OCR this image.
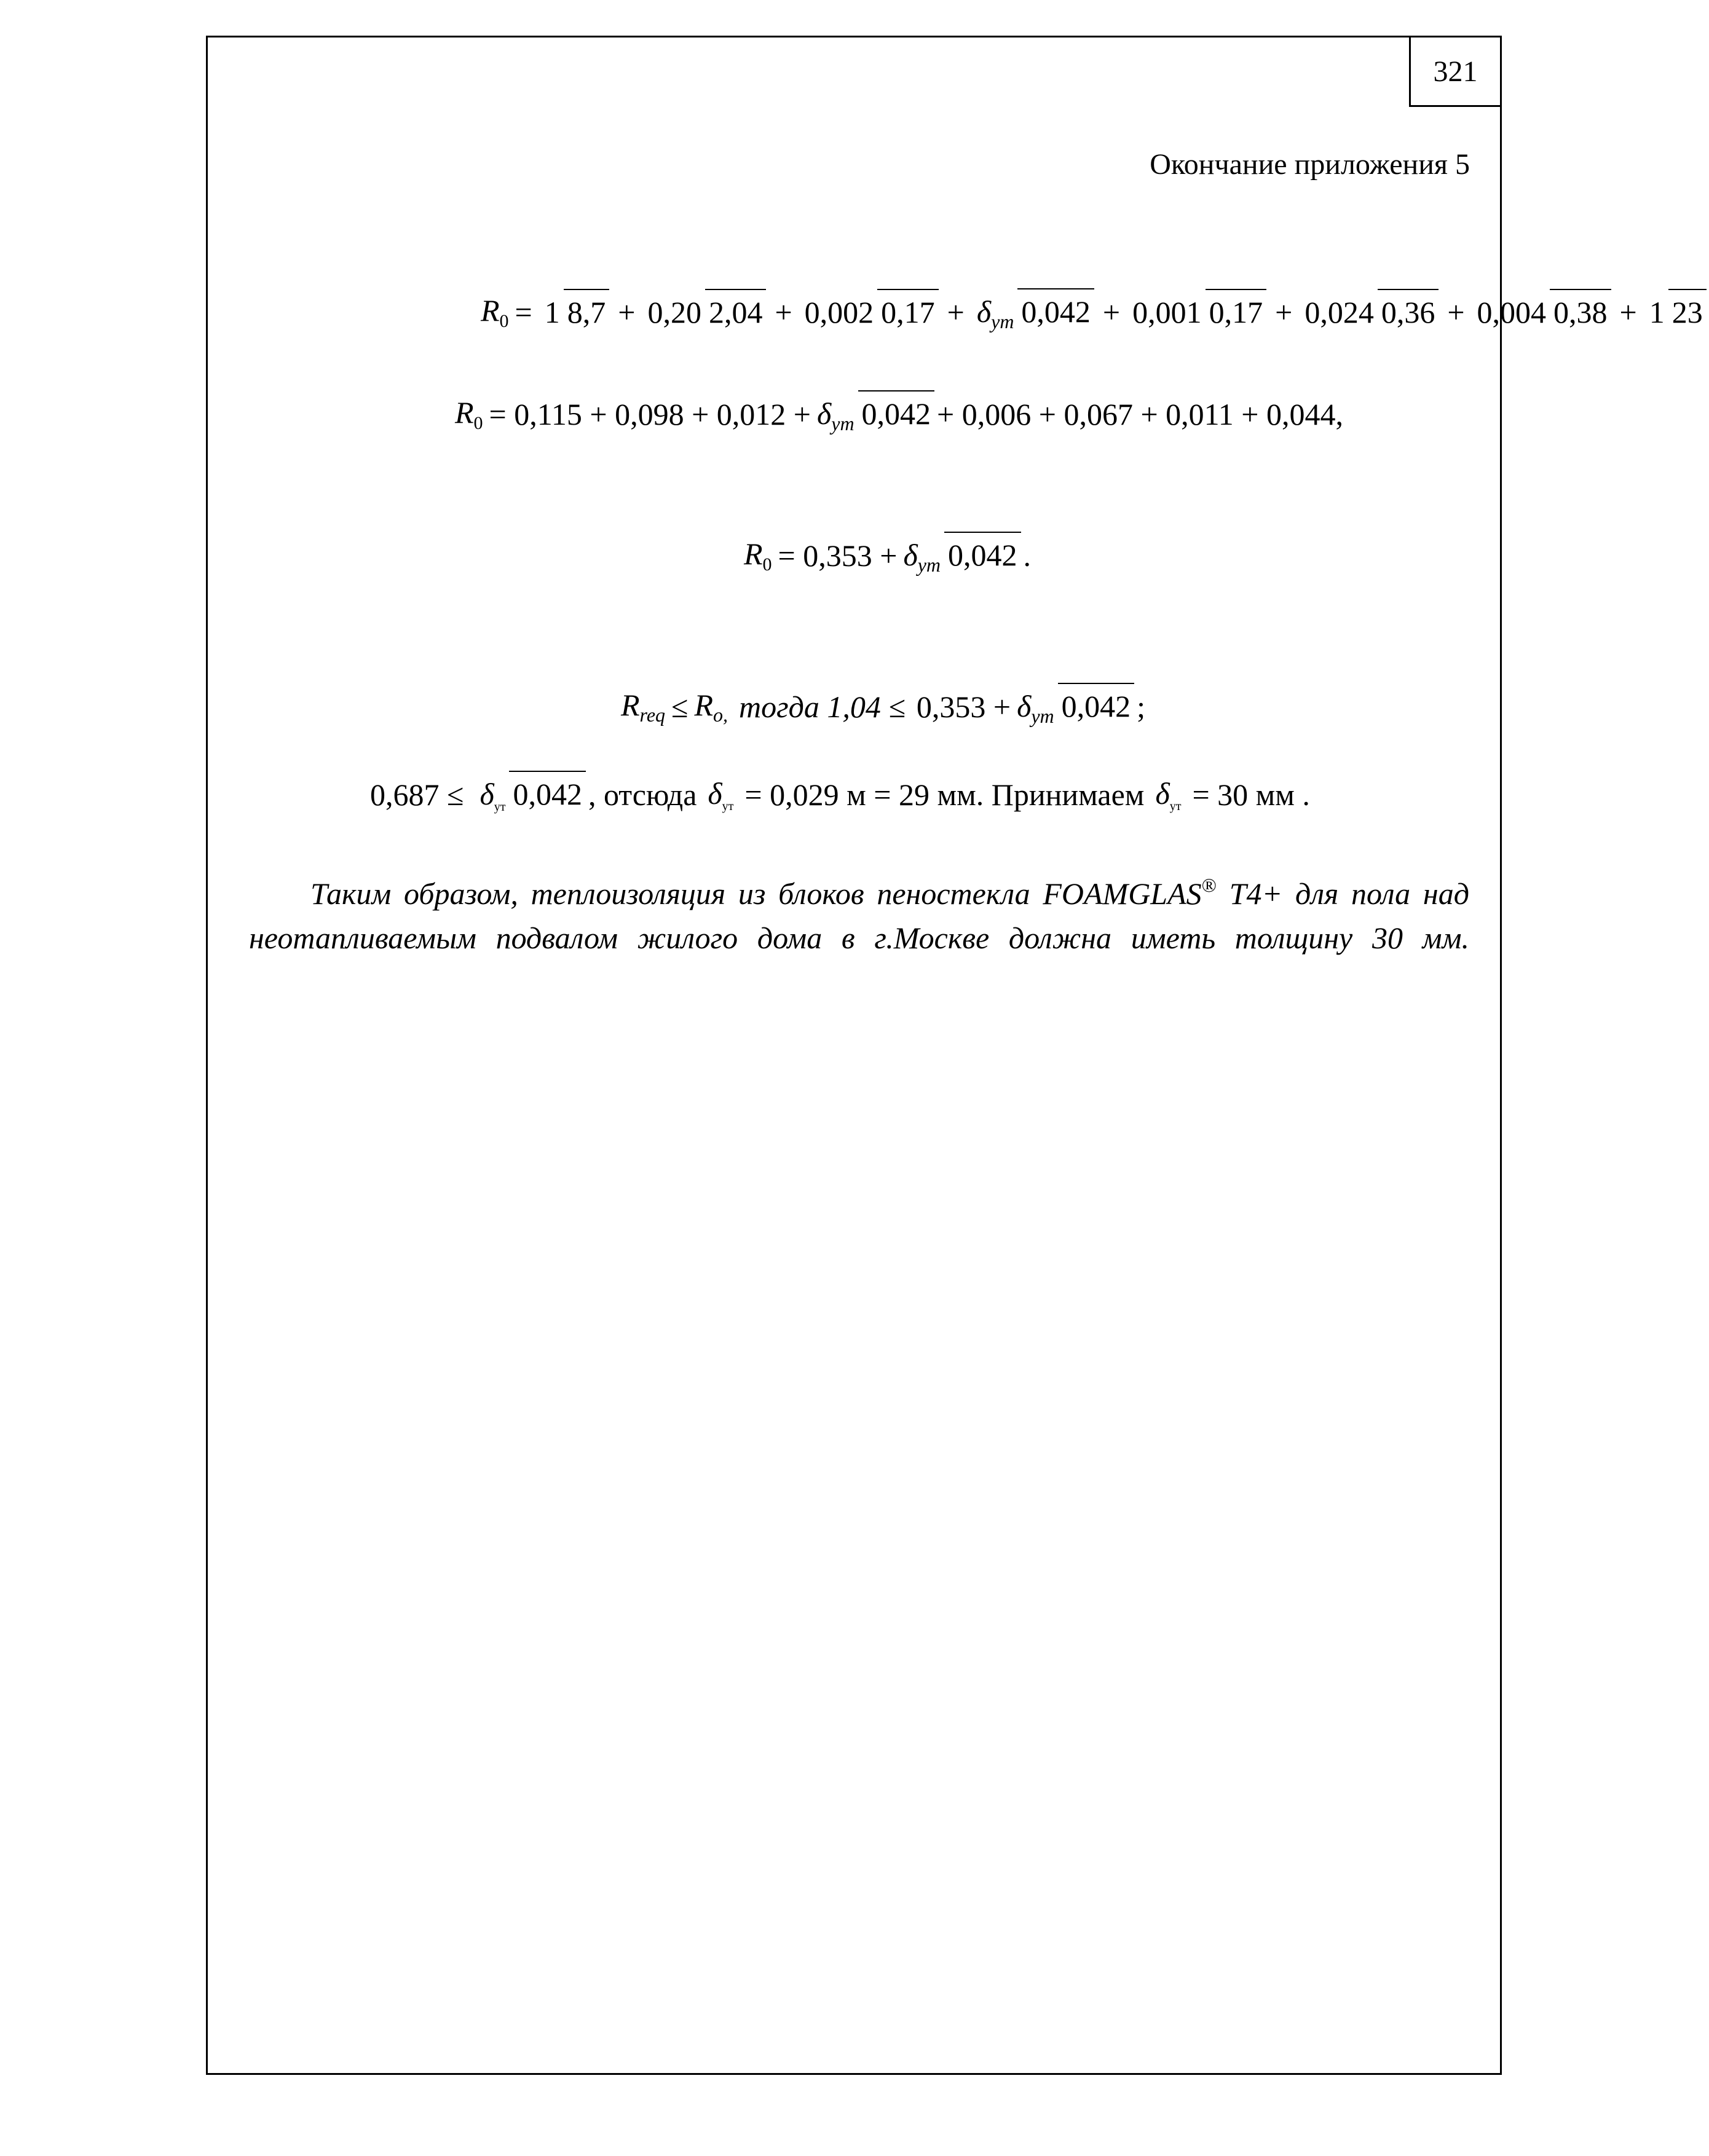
321
Окончание приложения 5
$R_0 = 1$ 8,7 + 0,20 2,04 + 0,002 $0,17 + \delta_{ут}$ 0,042 + 0,001 0,17 + 0,024 0,36 + 0,004 0,38 + 1 23
$R_0 = 0,115 + 0,098 + 0,012 + \delta_{ут}$ 0,042 + 0,006 + 0,067 + 0,011 + 0,044,
$R_0 = 0,353 + \delta_{ут}$ 0,042 .
$R_{req} \le R_{o,}$ тогда $1,04 \le 0,353 + \delta_{ут}$ 0,042 ;
$0,687 \le \delta_{ут}$ 0,042 , отсюда $\delta_{ут} = 0,029$ м = 29 мм. Принимаем $\delta_{ут} = 30$ мм .
Таким образом, теплоизоляция из блоков пеностекла FOAMGLAS® Т4+ для пола над
неотапливаемым подвалом жилого дома в г.Москве должна иметь толщину 30 мм.
